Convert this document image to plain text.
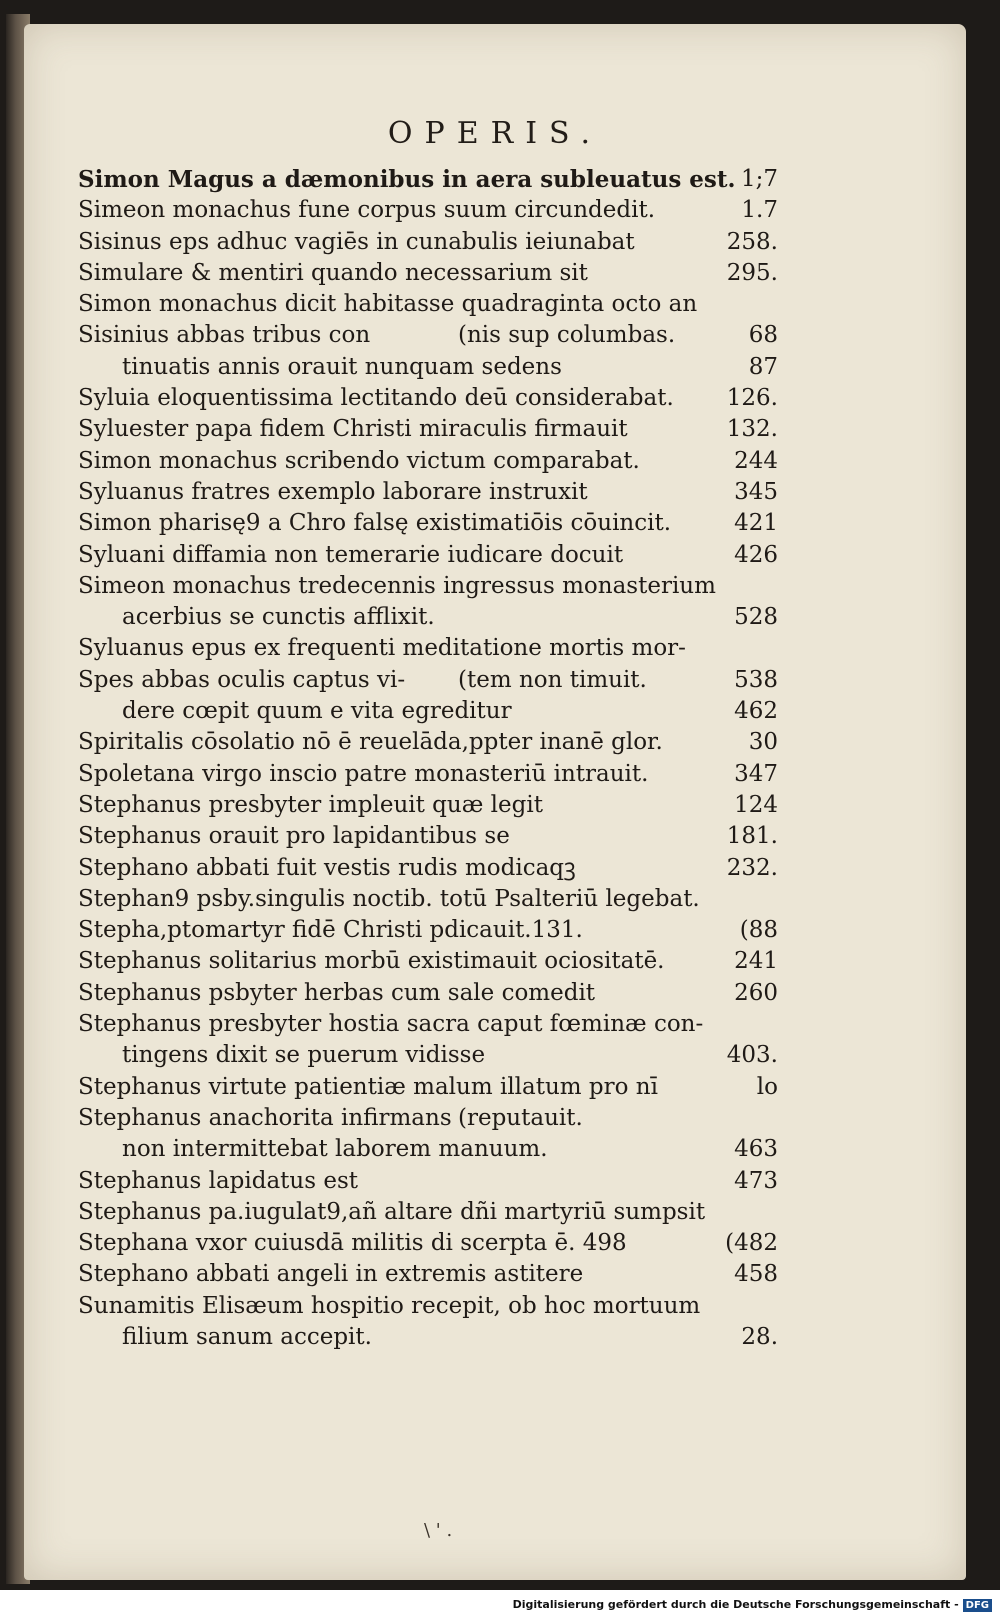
OPERIS.
Simon Magus a dæmonibus in aera subleuatus est. 1;7
Simeon monachus fune corpus suum circundedit.	1.7
Sisinus eps adhuc vagiēs in cunabulis ieiunabat	258.
Simulare & mentiri quando necessarium sit	295.
Simon monachus dicit habitasse quadraginta octo an
Sisinius abbas tribus con	(nis sup columbas.	68
tinuatis annis orauit nunquam sedens	87
Syluia eloquentissima lectitando deū considerabat. 126.
Syluester papa fidem Christi miraculis firmauit	132.
Simon monachus scribendo victum comparabat.	244
Syluanus fratres exemplo laborare instruxit	345
Simon pharisę9 a Chro falsę existimatiōis cōuincit.	421
Syluani diffamia non temerarie iudicare docuit	426
Simeon monachus tredecennis ingressus monasterium
acerbius se cunctis afflixit.	528
Syluanus epus ex frequenti meditatione mortis mor-
Spes abbas oculis captus vi- (tem non timuit.	538
dere cœpit quum e vita egreditur	462
Spiritalis cōsolatio nō ē reuelāda,ppter inanē glor.	30
Spoletana virgo inscio patre monasteriū intrauit.	347
Stephanus presbyter impleuit quæ legit	124
Stephanus orauit pro lapidantibus se	181.
Stephano abbati fuit vestis rudis modicaqꝫ	232.
Stephan9 psby.singulis noctib. totū Psalteriū legebat.
Stepha,ptomartyr fidē Christi pdicauit.131.	(88
Stephanus solitarius morbū existimauit ociositatē.	241
Stephanus psbyter herbas cum sale comedit	260
Stephanus presbyter hostia sacra caput fœminæ con-
tingens dixit se puerum vidisse	403.
Stephanus virtute patientiæ malum illatum pro nī	lo
Stephanus anachorita infirmans (reputauit.
non intermittebat laborem manuum.	463
Stephanus lapidatus est	473
Stephanus pa.iugulat9,añ altare dñi martyriū sumpsit
Stephana vxor cuiusdā militis di scerpta ē. 498	(482
Stephano abbati angeli in extremis astitere	458
Sunamitis Elisæum hospitio recepit, ob hoc mortuum
filium sanum accepit.	28.
\ ' .
Digitalisierung gefördert durch die Deutsche Forschungsgemeinschaft - DFG
